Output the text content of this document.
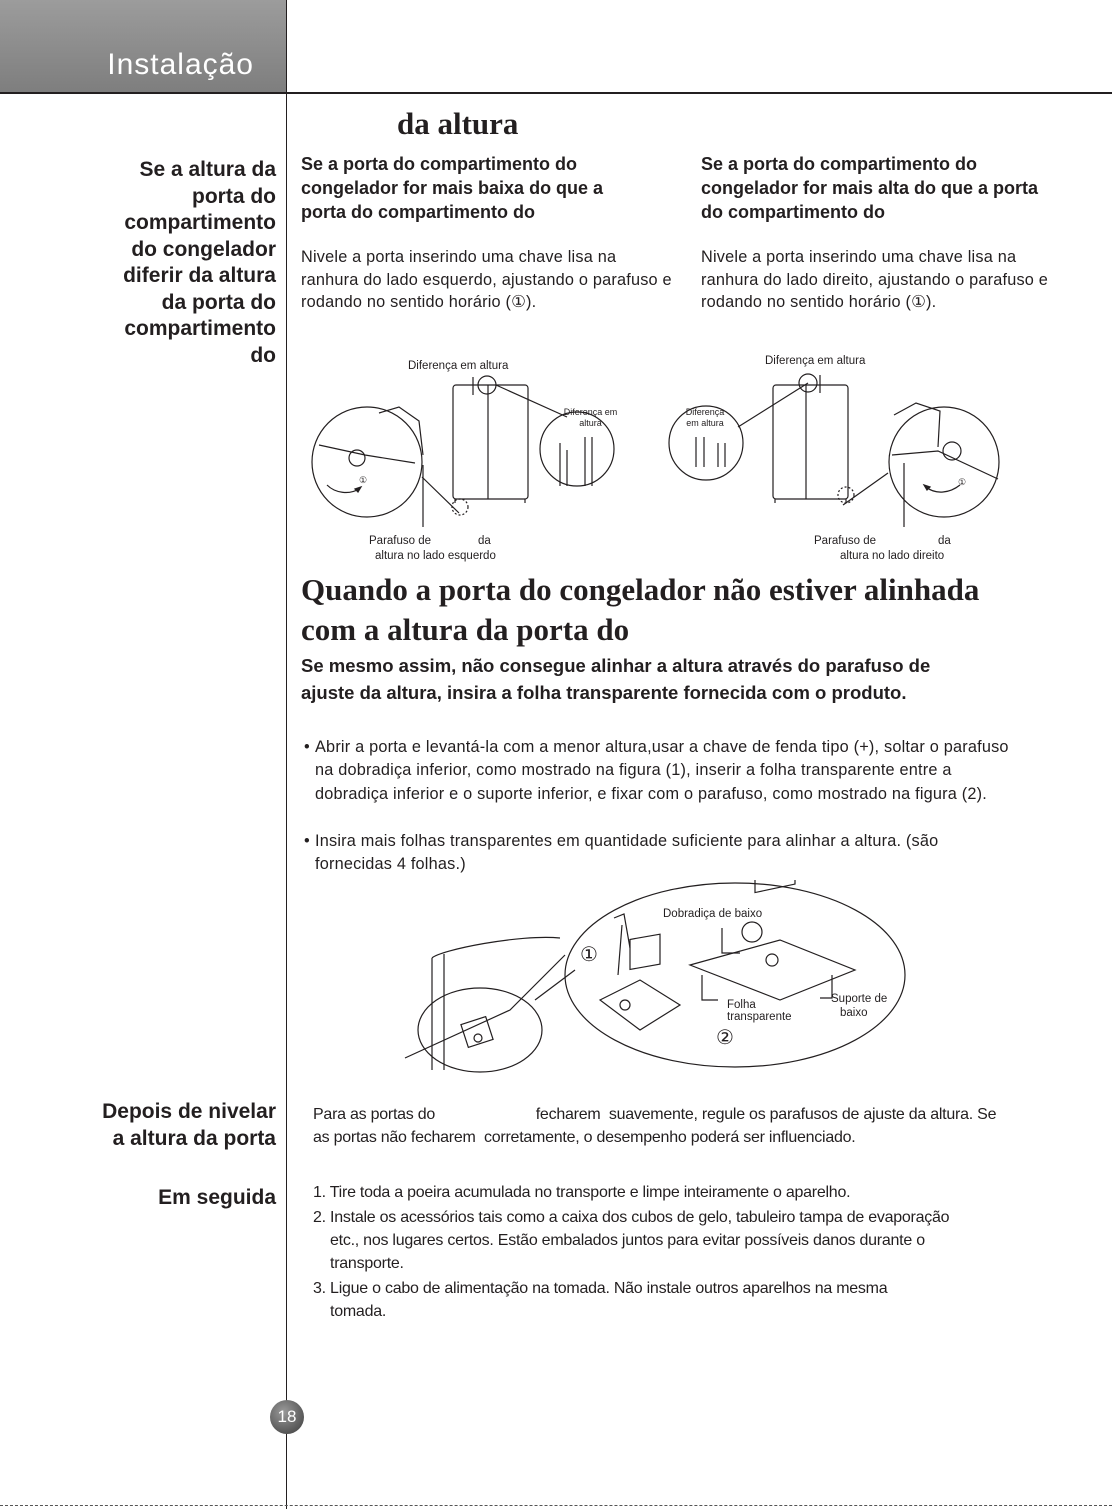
Instalação
Se a altura da porta do compartimento do congelador diferir da altura da porta do compartimento do
Depois de nivelar a altura da porta
Em seguida
da altura
Se a porta do compartimento do congelador for mais baixa do que a porta do compartimento do
Nivele a porta inserindo uma chave lisa na ranhura do lado esquerdo, ajustando o parafuso e rodando no sentido horário (①).
Se a porta do compartimento do congelador for mais alta do que a porta do compartimento do
Nivele a porta inserindo uma chave lisa na ranhura do lado direito, ajustando o parafuso e rodando no sentido horário (①).
①
Diferença em altura
Diferença em altura
Parafuso de	da
altura no lado esquerdo
①
Diferença em altura
Diferença em altura
Parafuso de	da
altura no lado direito
Quando a porta do congelador não estiver alinhada com a altura da porta do
Se mesmo assim, não consegue alinhar a altura através do parafuso de ajuste da altura, insira a folha transparente fornecida com o produto.
• Abrir a porta e levantá-la com a menor altura,usar a chave de fenda tipo (+), soltar o parafuso na dobradiça inferior, como mostrado na figura (1), inserir a folha transparente entre a dobradiça inferior e o suporte inferior, e fixar com o parafuso, como mostrado na figura (2).
• Insira mais folhas transparentes em quantidade suficiente para alinhar a altura. (são fornecidas 4 folhas.)
Dobradiça de baixo
Folha
transparente
Suporte de
baixo
①
②
Para as portas do                        fecharem  suavemente, regule os parafusos de ajuste da altura. Se as portas não fecharem  corretamente, o desempenho poderá ser influenciado.
1. Tire toda a poeira acumulada no transporte e limpe inteiramente o aparelho.
2. Instale os acessórios tais como a caixa dos cubos de gelo, tabuleiro tampa de evaporação etc., nos lugares certos. Estão embalados juntos para evitar possíveis danos durante o transporte.
3. Ligue o cabo de alimentação na tomada. Não instale outros aparelhos na mesma tomada.
18
